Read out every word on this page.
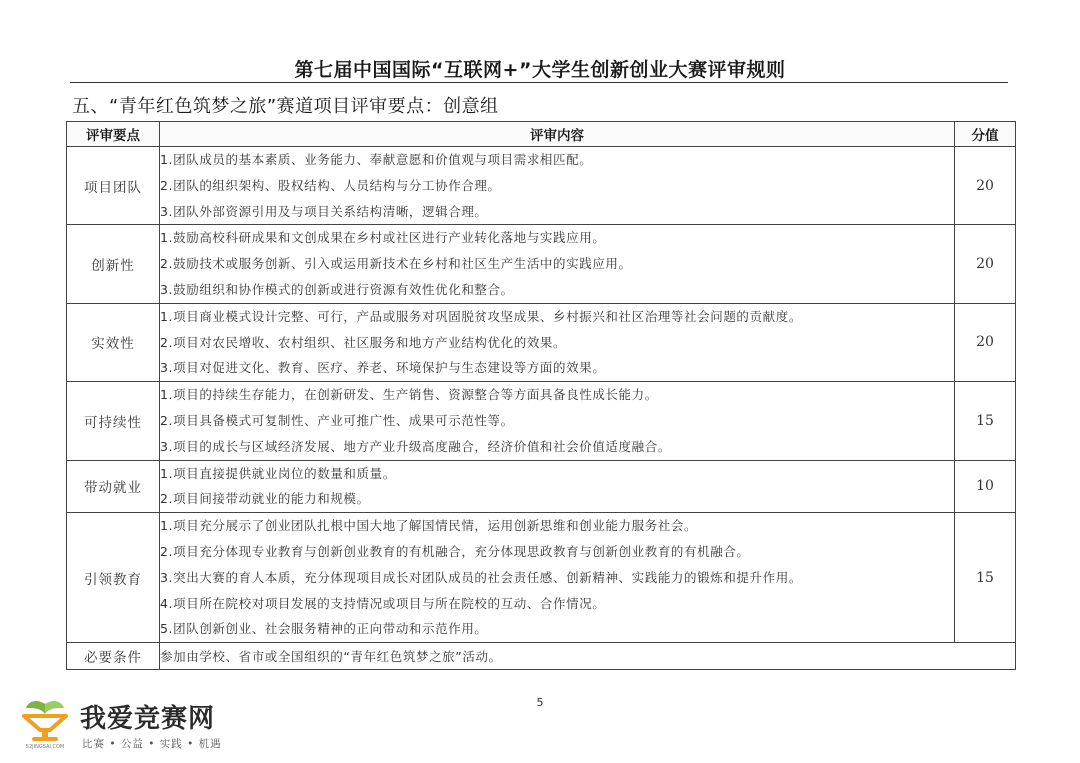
第七届中国国际“互联网+”大学生创新创业大赛评审规则
五、“青年红色筑梦之旅”赛道项目评审要点：创意组
评审要点	评审内容	分值
项目团队	1.团队成员的基本素质、业务能力、奉献意愿和价值观与项目需求相匹配。
2.团队的组织架构、股权结构、人员结构与分工协作合理。
3.团队外部资源引用及与项目关系结构清晰，逻辑合理。	20
创新性	1.鼓励高校科研成果和文创成果在乡村或社区进行产业转化落地与实践应用。
2.鼓励技术或服务创新、引入或运用新技术在乡村和社区生产生活中的实践应用。
3.鼓励组织和协作模式的创新或进行资源有效性优化和整合。	20
实效性	1.项目商业模式设计完整、可行，产品或服务对巩固脱贫攻坚成果、乡村振兴和社区治理等社会问题的贡献度。
2.项目对农民增收、农村组织、社区服务和地方产业结构优化的效果。
3.项目对促进文化、教育、医疗、养老、环境保护与生态建设等方面的效果。	20
可持续性	1.项目的持续生存能力，在创新研发、生产销售、资源整合等方面具备良性成长能力。
2.项目具备模式可复制性、产业可推广性、成果可示范性等。
3.项目的成长与区域经济发展、地方产业升级高度融合，经济价值和社会价值适度融合。	15
带动就业	1.项目直接提供就业岗位的数量和质量。
2.项目间接带动就业的能力和规模。	10
引领教育	1.项目充分展示了创业团队扎根中国大地了解国情民情，运用创新思维和创业能力服务社会。
2.项目充分体现专业教育与创新创业教育的有机融合，充分体现思政教育与创新创业教育的有机融合。
3.突出大赛的育人本质，充分体现项目成长对团队成员的社会责任感、创新精神、实践能力的锻炼和提升作用。
4.项目所在院校对项目发展的支持情况或项目与所在院校的互动、合作情况。
5.团队创新创业、社会服务精神的正向带动和示范作用。	15
必要条件	参加由学校、省市或全国组织的“青年红色筑梦之旅”活动。	
5
52JINGSAI.COM
我爱竞赛网
比赛 • 公益 • 实践 • 机遇
